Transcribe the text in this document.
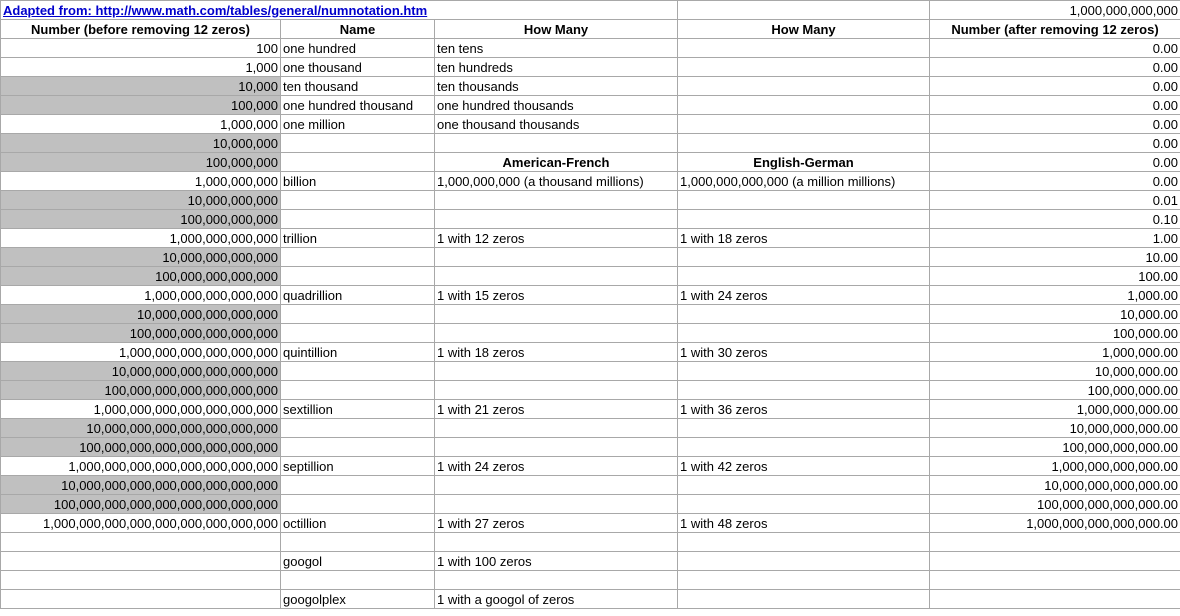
Adapted from: http://www.math.com/tables/general/numnotation.htm				1,000,000,000,000
Number (before removing 12 zeros)	Name	How Many	How Many	Number (after removing 12 zeros)
100	one hundred	ten tens		0.00
1,000	one thousand	ten hundreds		0.00
10,000	ten thousand	ten thousands		0.00
100,000	one hundred thousand	one hundred thousands		0.00
1,000,000	one million	one thousand thousands		0.00
10,000,000				0.00
100,000,000		American-French	English-German	0.00
1,000,000,000	billion	1,000,000,000 (a thousand millions)	1,000,000,000,000 (a million millions)	0.00
10,000,000,000				0.01
100,000,000,000				0.10
1,000,000,000,000	trillion	1 with 12 zeros	1 with 18 zeros	1.00
10,000,000,000,000				10.00
100,000,000,000,000				100.00
1,000,000,000,000,000	quadrillion	1 with 15 zeros	1 with 24 zeros	1,000.00
10,000,000,000,000,000				10,000.00
100,000,000,000,000,000				100,000.00
1,000,000,000,000,000,000	quintillion	1 with 18 zeros	1 with 30 zeros	1,000,000.00
10,000,000,000,000,000,000				10,000,000.00
100,000,000,000,000,000,000				100,000,000.00
1,000,000,000,000,000,000,000	sextillion	1 with 21 zeros	1 with 36 zeros	1,000,000,000.00
10,000,000,000,000,000,000,000				10,000,000,000.00
100,000,000,000,000,000,000,000				100,000,000,000.00
1,000,000,000,000,000,000,000,000	septillion	1 with 24 zeros	1 with 42 zeros	1,000,000,000,000.00
10,000,000,000,000,000,000,000,000				10,000,000,000,000.00
100,000,000,000,000,000,000,000,000				100,000,000,000,000.00
1,000,000,000,000,000,000,000,000,000	octillion	1 with 27 zeros	1 with 48 zeros	1,000,000,000,000,000.00

	googol	1 with 100 zeros		

	googolplex	1 with a googol of zeros		
